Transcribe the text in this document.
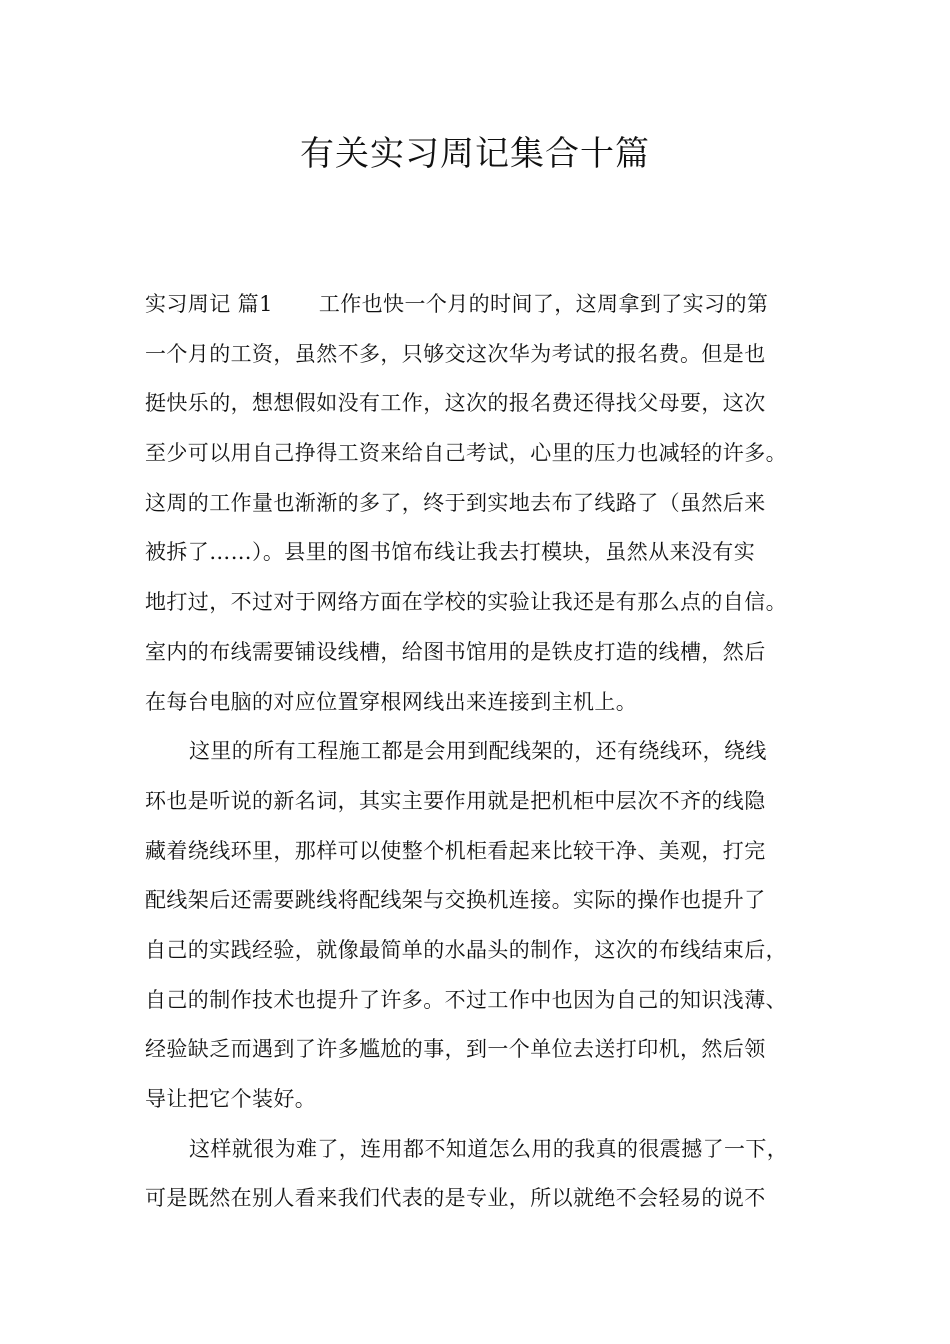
有关实习周记集合十篇
实习周记 篇1 工作也快一个月的时间了，这周拿到了实习的第
一个月的工资，虽然不多，只够交这次华为考试的报名费。但是也
挺快乐的，想想假如没有工作，这次的报名费还得找父母要，这次
至少可以用自己挣得工资来给自己考试，心里的压力也减轻的许多。
这周的工作量也渐渐的多了，终于到实地去布了线路了（虽然后来
被拆了……）。县里的图书馆布线让我去打模块，虽然从来没有实
地打过，不过对于网络方面在学校的实验让我还是有那么点的自信。
室内的布线需要铺设线槽，给图书馆用的是铁皮打造的线槽，然后
在每台电脑的对应位置穿根网线出来连接到主机上。
这里的所有工程施工都是会用到配线架的，还有绕线环，绕线
环也是听说的新名词，其实主要作用就是把机柜中层次不齐的线隐
藏着绕线环里，那样可以使整个机柜看起来比较干净、美观，打完
配线架后还需要跳线将配线架与交换机连接。实际的操作也提升了
自己的实践经验，就像最简单的水晶头的制作，这次的布线结束后，
自己的制作技术也提升了许多。不过工作中也因为自己的知识浅薄、
经验缺乏而遇到了许多尴尬的事，到一个单位去送打印机，然后领
导让把它个装好。
这样就很为难了，连用都不知道怎么用的我真的很震撼了一下，
可是既然在别人看来我们代表的是专业，所以就绝不会轻易的说不
